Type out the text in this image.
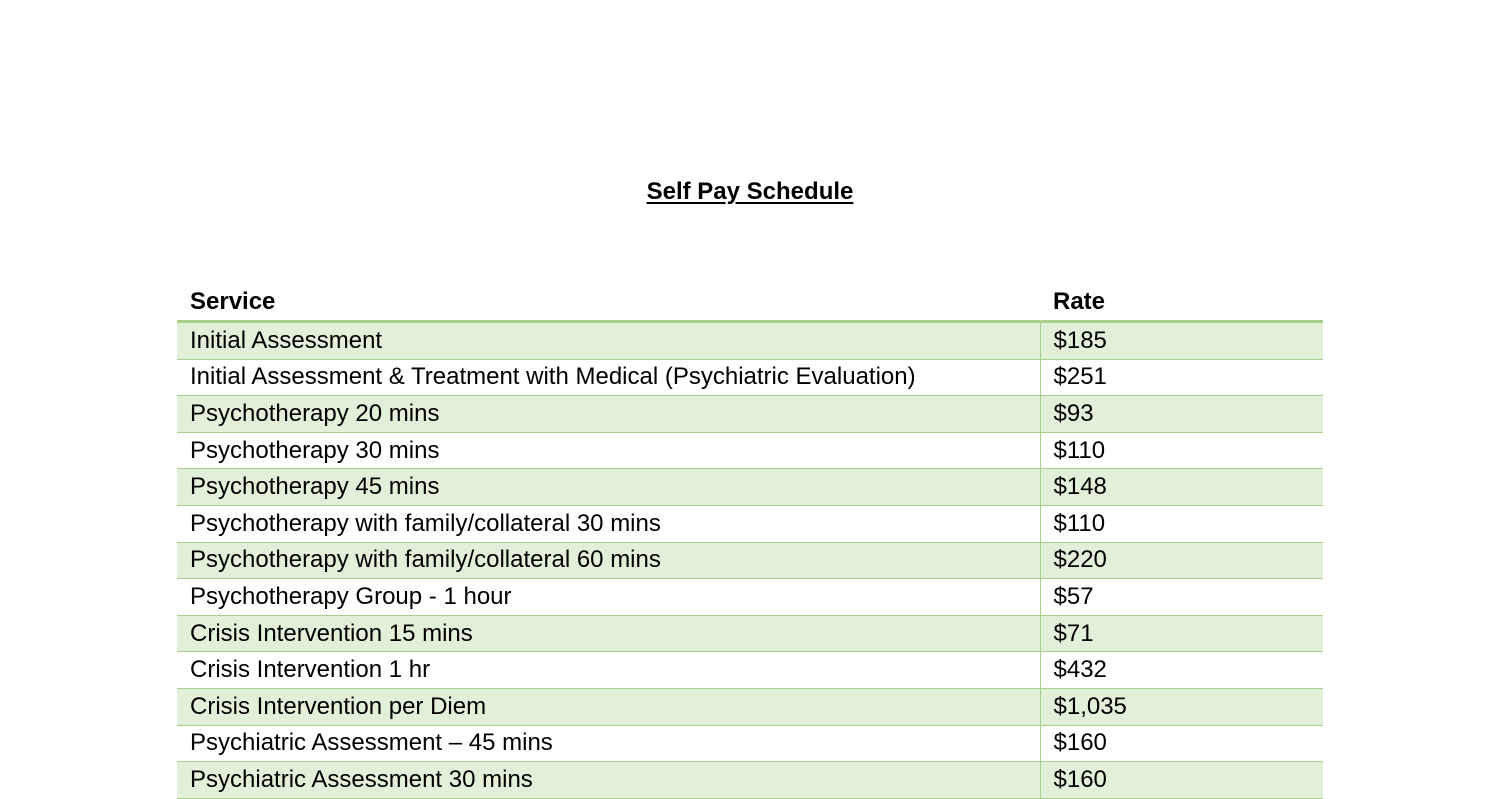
Self Pay Schedule
Service	Rate
Initial Assessment	$185
Initial Assessment & Treatment with Medical (Psychiatric Evaluation)	$251
Psychotherapy 20 mins	$93
Psychotherapy 30 mins	$110
Psychotherapy 45 mins	$148
Psychotherapy with family/collateral 30 mins	$110
Psychotherapy with family/collateral 60 mins	$220
Psychotherapy Group - 1 hour	$57
Crisis Intervention 15 mins	$71
Crisis Intervention 1 hr	$432
Crisis Intervention per Diem	$1,035
Psychiatric Assessment – 45 mins	$160
Psychiatric Assessment 30 mins	$160
